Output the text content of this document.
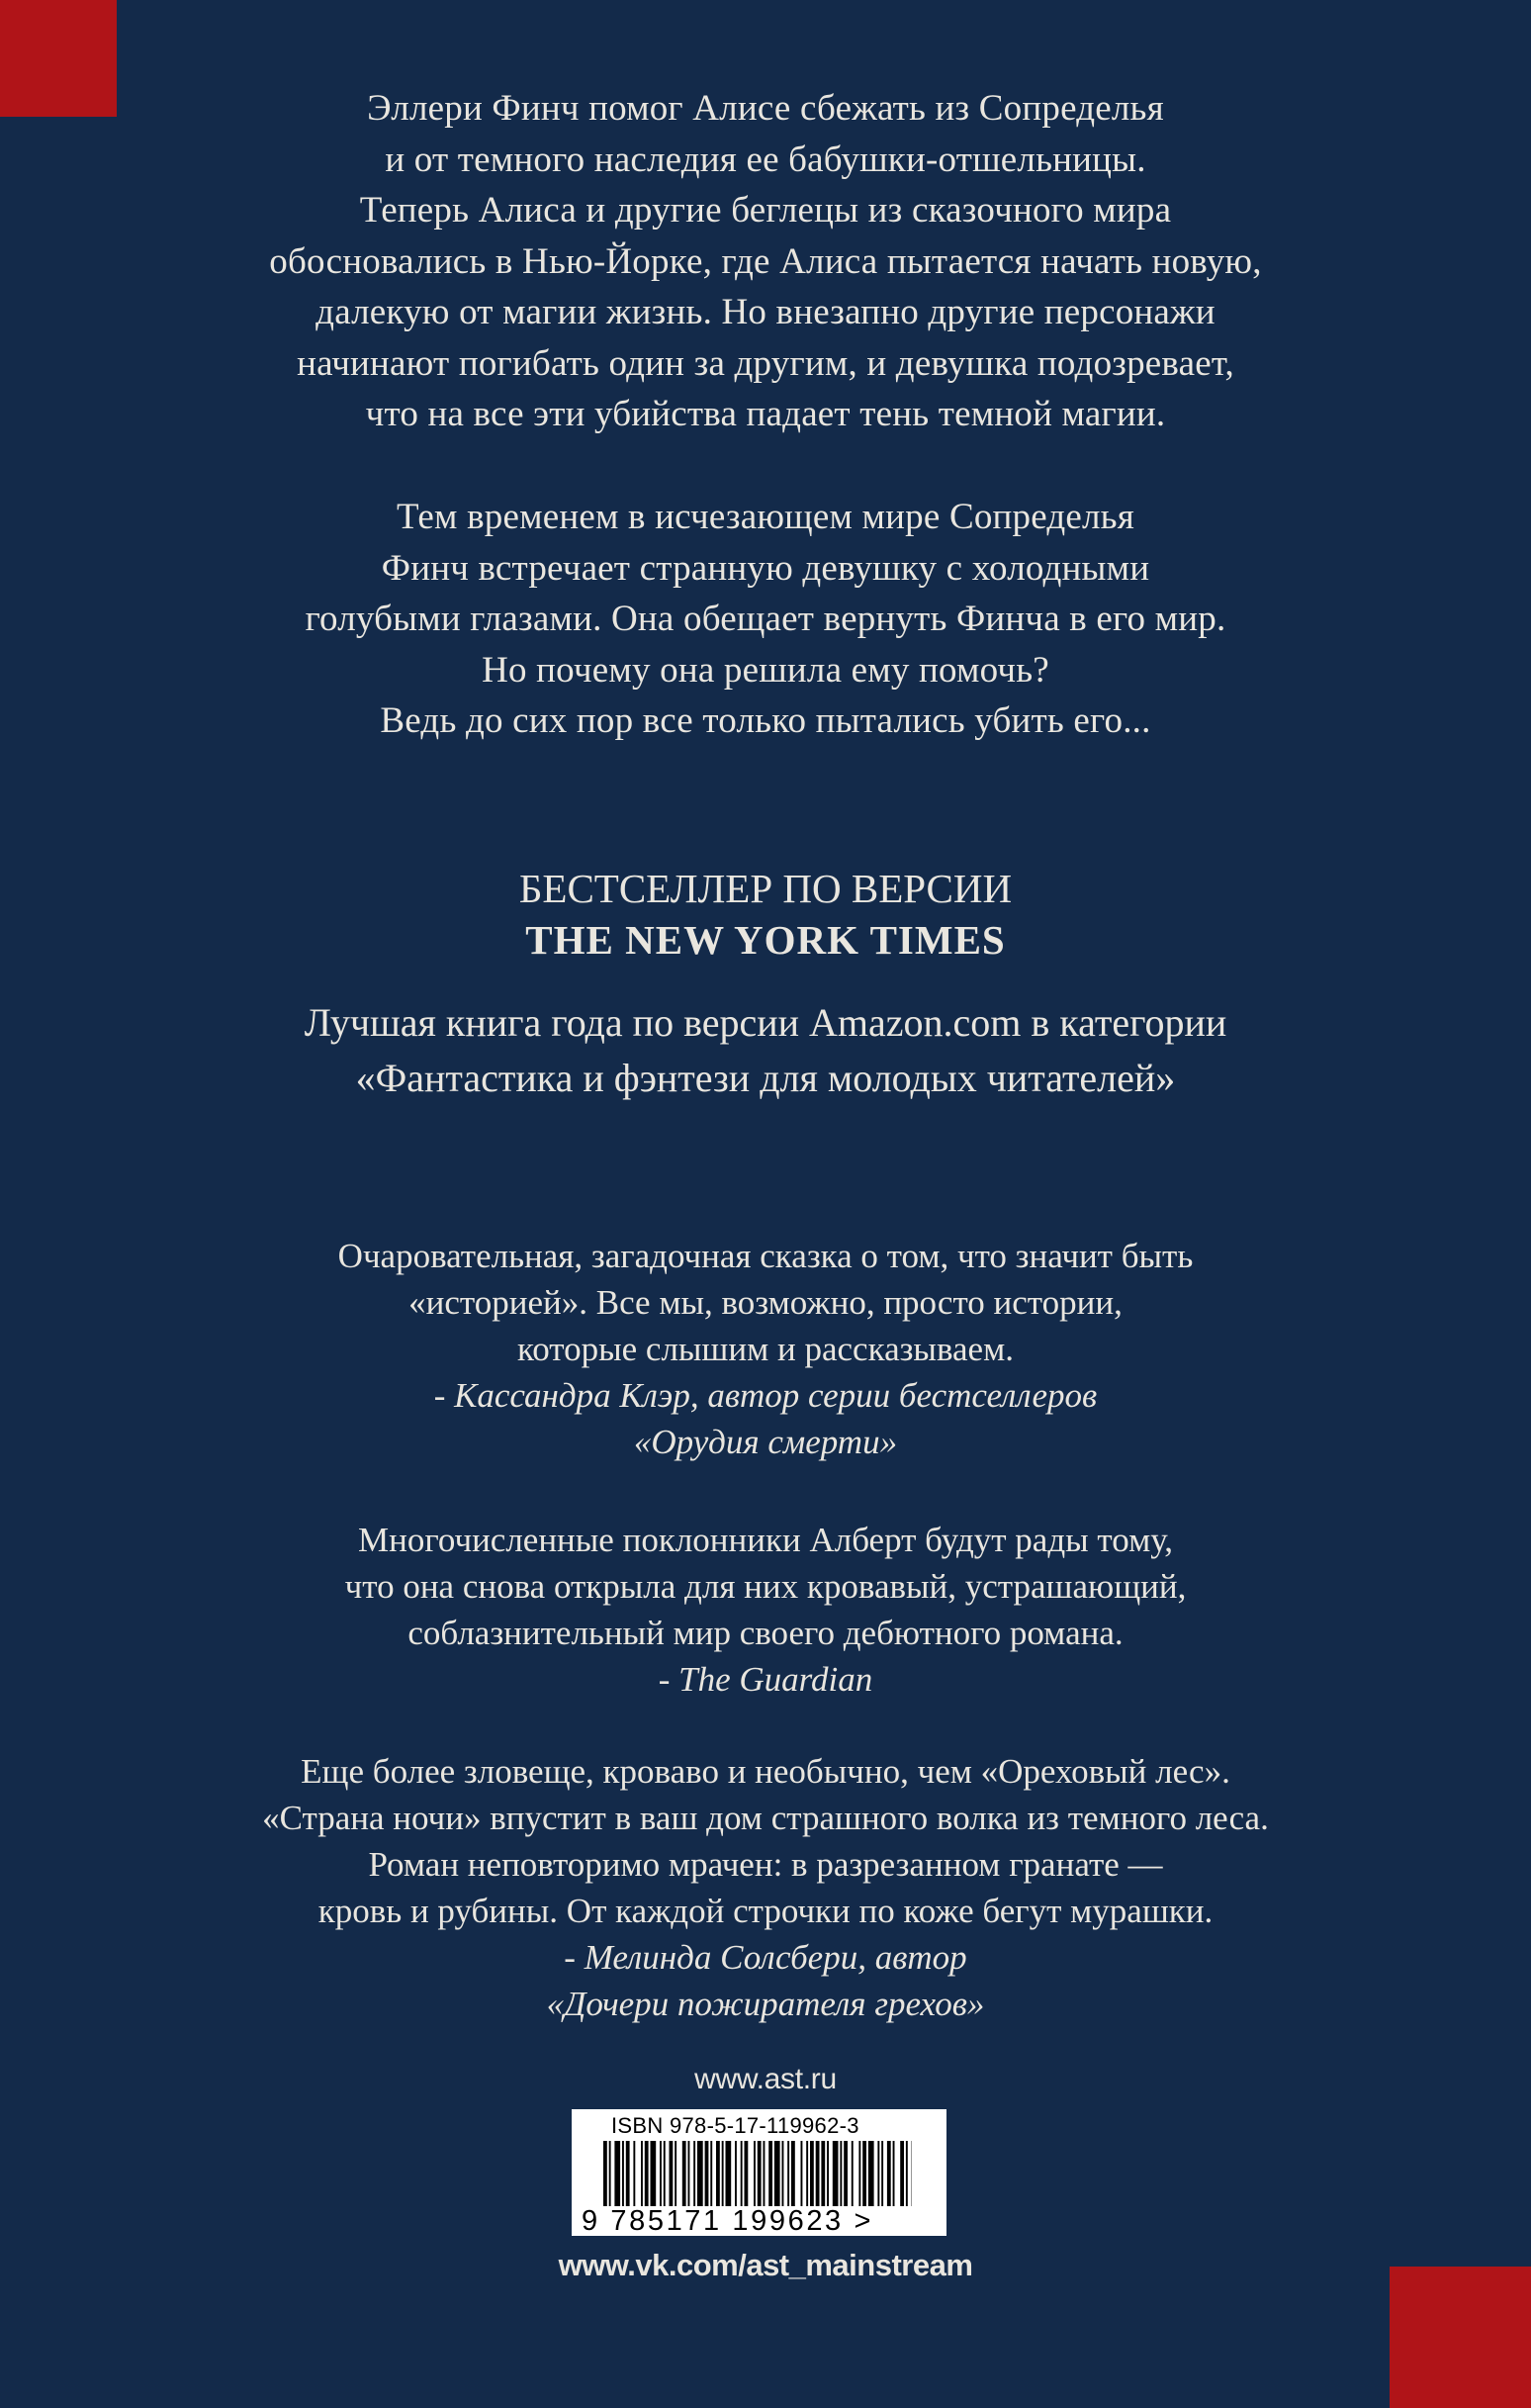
Эллери Финч помог Алисе сбежать из Сопределья
и от темного наследия ее бабушки-отшельницы.
Теперь Алиса и другие беглецы из сказочного мира
обосновались в Нью-Йорке, где Алиса пытается начать новую,
далекую от магии жизнь. Но внезапно другие персонажи
начинают погибать один за другим, и девушка подозревает,
что на все эти убийства падает тень темной магии.
Тем временем в исчезающем мире Сопределья
Финч встречает странную девушку с холодными
голубыми глазами. Она обещает вернуть Финча в его мир.
Но почему она решила ему помочь?
Ведь до сих пор все только пытались убить его...
БЕСТСЕЛЛЕР ПО ВЕРСИИ
THE NEW YORK TIMES
Лучшая книга года по версии Amazon.com в категории
«Фантастика и фэнтези для молодых читателей»
Очаровательная, загадочная сказка о том, что значит быть
«историей». Все мы, возможно, просто истории,
которые слышим и рассказываем.
- Кассандра Клэр, автор серии бестселлеров
«Орудия смерти»
Многочисленные поклонники Алберт будут рады тому,
что она снова открыла для них кровавый, устрашающий,
соблазнительный мир своего дебютного романа.
- The Guardian
Еще более зловеще, кроваво и необычно, чем «Ореховый лес».
«Страна ночи» впустит в ваш дом страшного волка из темного леса.
Роман неповторимо мрачен: в разрезанном гранате —
кровь и рубины. От каждой строчки по коже бегут мурашки.
- Мелинда Солсбери, автор
«Дочери пожирателя грехов»
www.ast.ru
ISBN 978-5-17-119962-3
9 785171 199623 >
www.vk.com/ast_mainstream
